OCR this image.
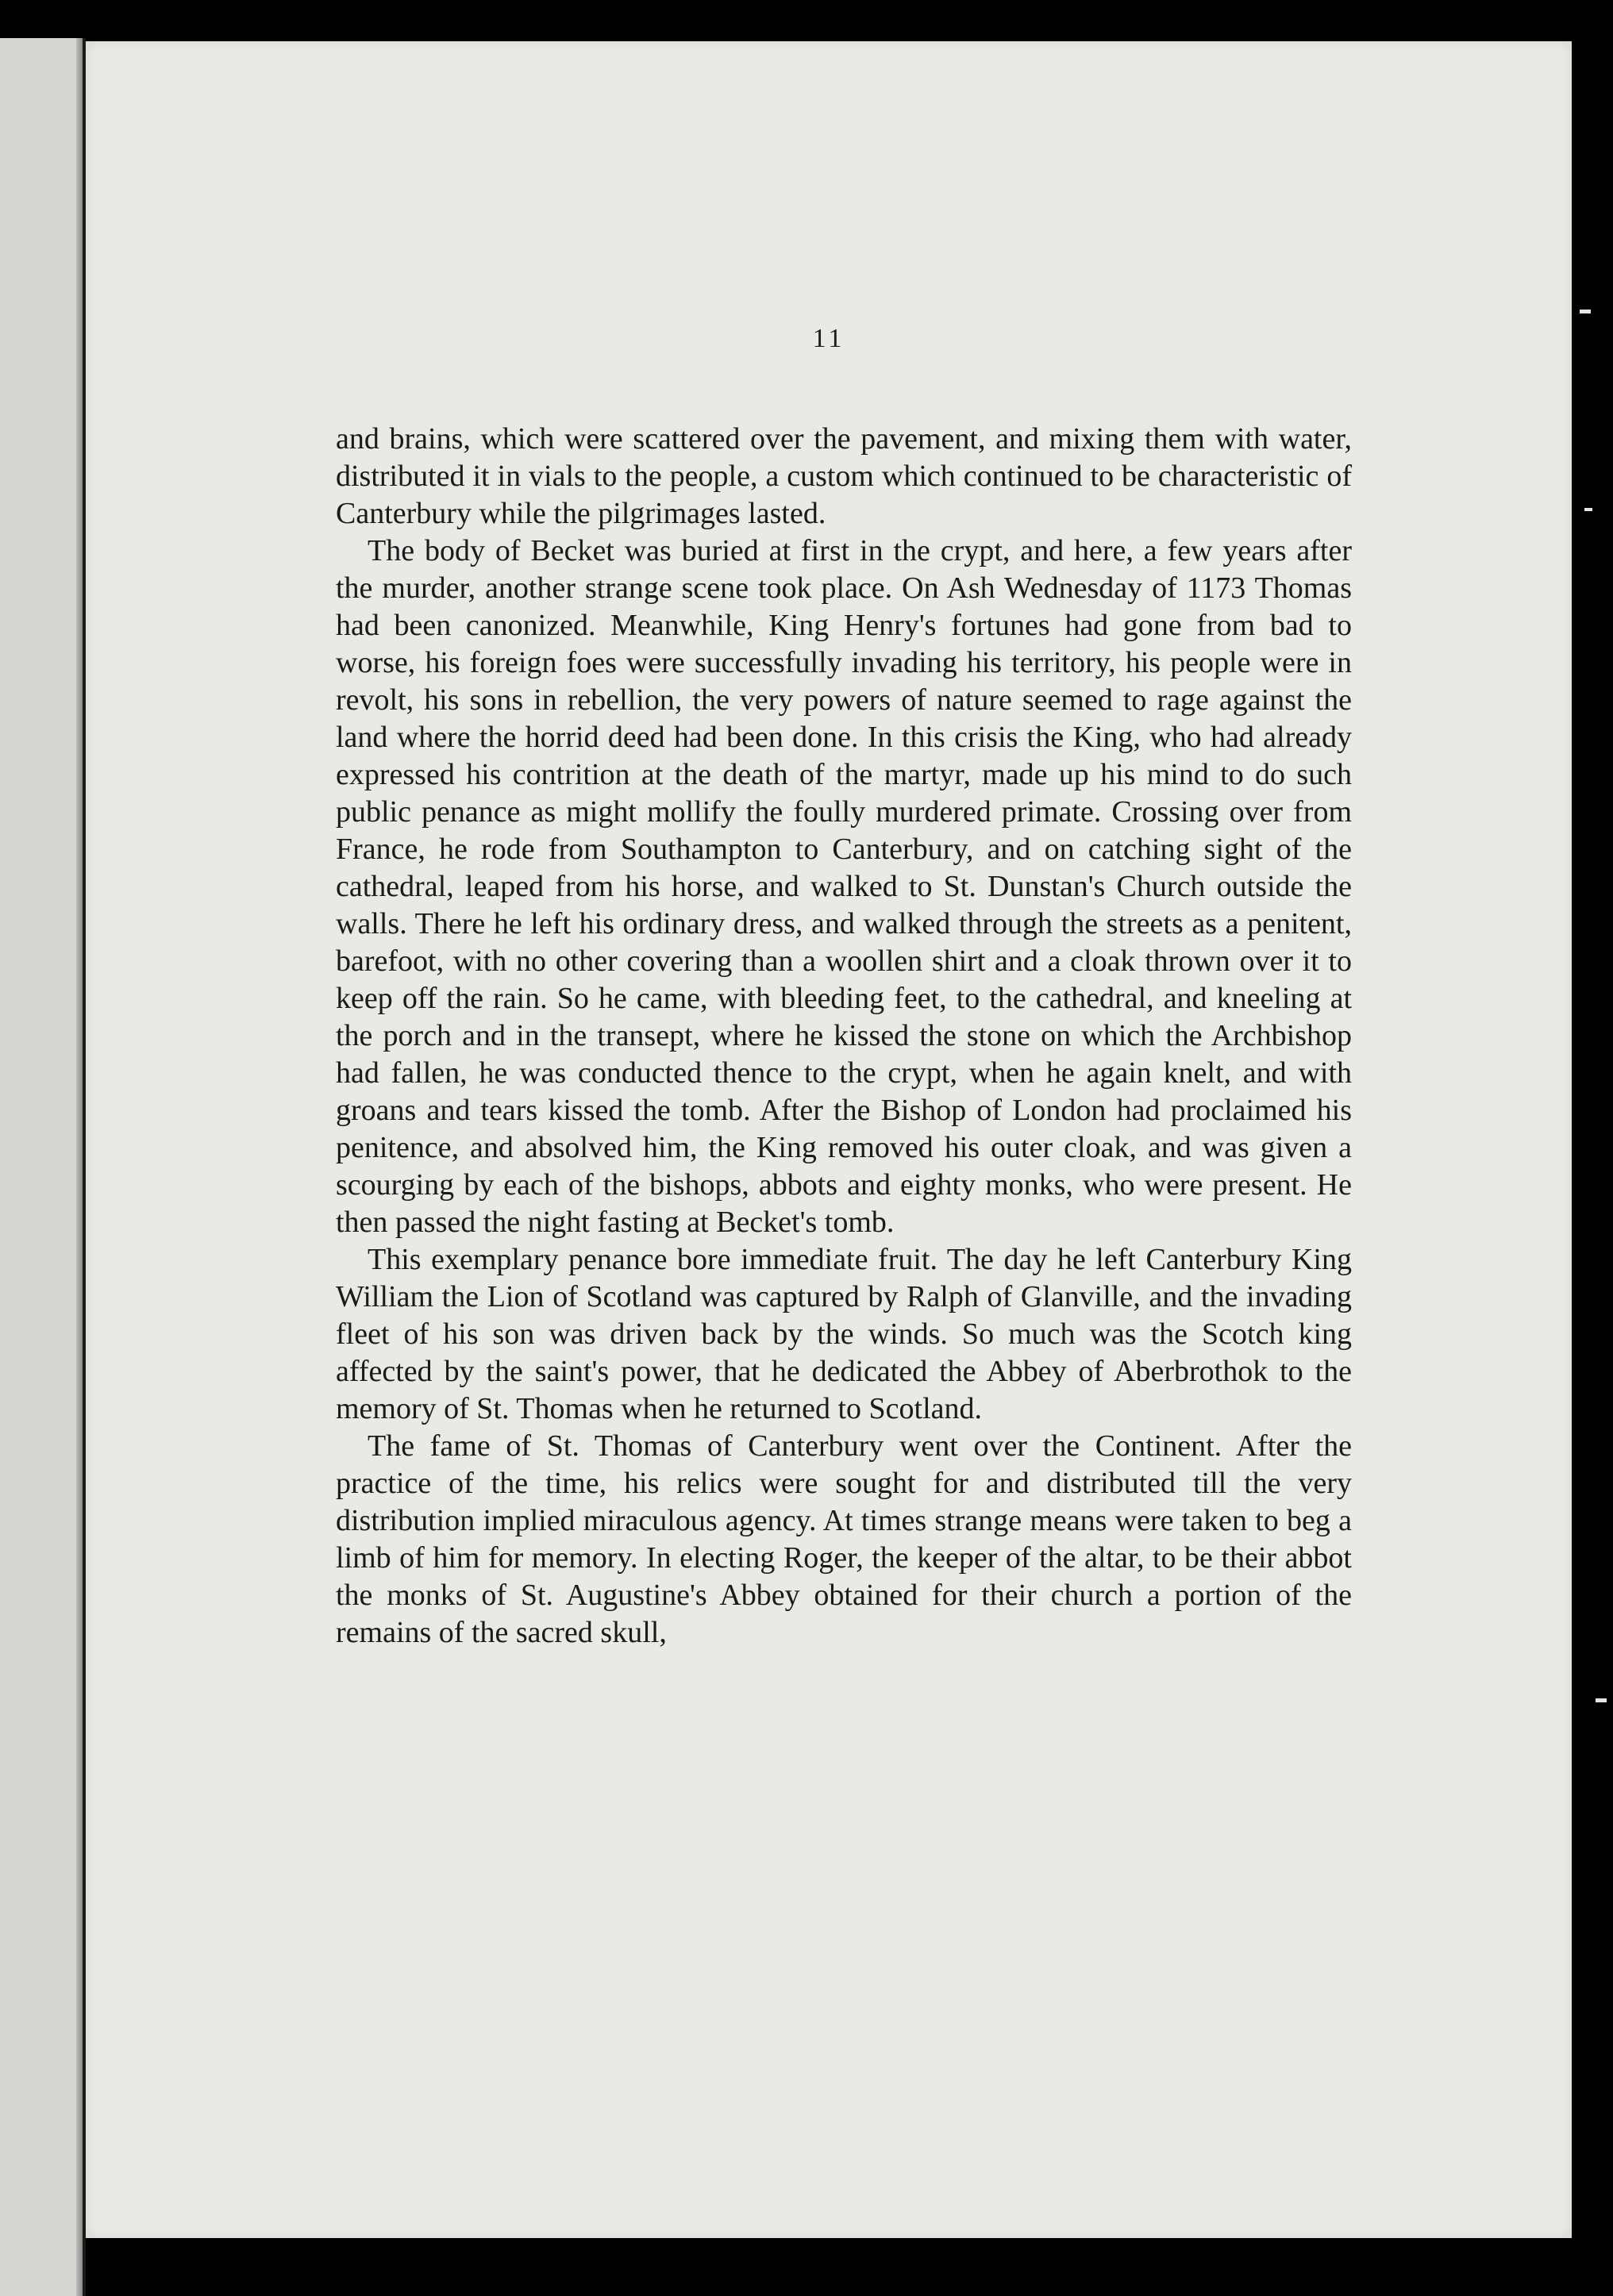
11

and brains, which were scattered over the pavement, and mixing them with water, distributed it in vials to the people, a custom which continued to be characteristic of Canterbury while the pilgrimages lasted.

The body of Becket was buried at first in the crypt, and here, a few years after the murder, another strange scene took place. On Ash Wednesday of 1173 Thomas had been canonized. Meanwhile, King Henry's fortunes had gone from bad to worse, his foreign foes were successfully invading his territory, his people were in revolt, his sons in rebellion, the very powers of nature seemed to rage against the land where the horrid deed had been done. In this crisis the King, who had already expressed his contrition at the death of the martyr, made up his mind to do such public penance as might mollify the foully murdered primate. Crossing over from France, he rode from Southampton to Canterbury, and on catching sight of the cathedral, leaped from his horse, and walked to St. Dunstan's Church outside the walls. There he left his ordinary dress, and walked through the streets as a penitent, barefoot, with no other covering than a woollen shirt and a cloak thrown over it to keep off the rain. So he came, with bleeding feet, to the cathedral, and kneeling at the porch and in the transept, where he kissed the stone on which the Archbishop had fallen, he was conducted thence to the crypt, when he again knelt, and with groans and tears kissed the tomb. After the Bishop of London had proclaimed his penitence, and absolved him, the King removed his outer cloak, and was given a scourging by each of the bishops, abbots and eighty monks, who were present. He then passed the night fasting at Becket's tomb.

This exemplary penance bore immediate fruit. The day he left Canterbury King William the Lion of Scotland was captured by Ralph of Glanville, and the invading fleet of his son was driven back by the winds. So much was the Scotch king affected by the saint's power, that he dedicated the Abbey of Aberbrothok to the memory of St. Thomas when he returned to Scotland.

The fame of St. Thomas of Canterbury went over the Continent. After the practice of the time, his relics were sought for and distributed till the very distribution implied miraculous agency. At times strange means were taken to beg a limb of him for memory. In electing Roger, the keeper of the altar, to be their abbot the monks of St. Augustine's Abbey obtained for their church a portion of the remains of the sacred skull,
